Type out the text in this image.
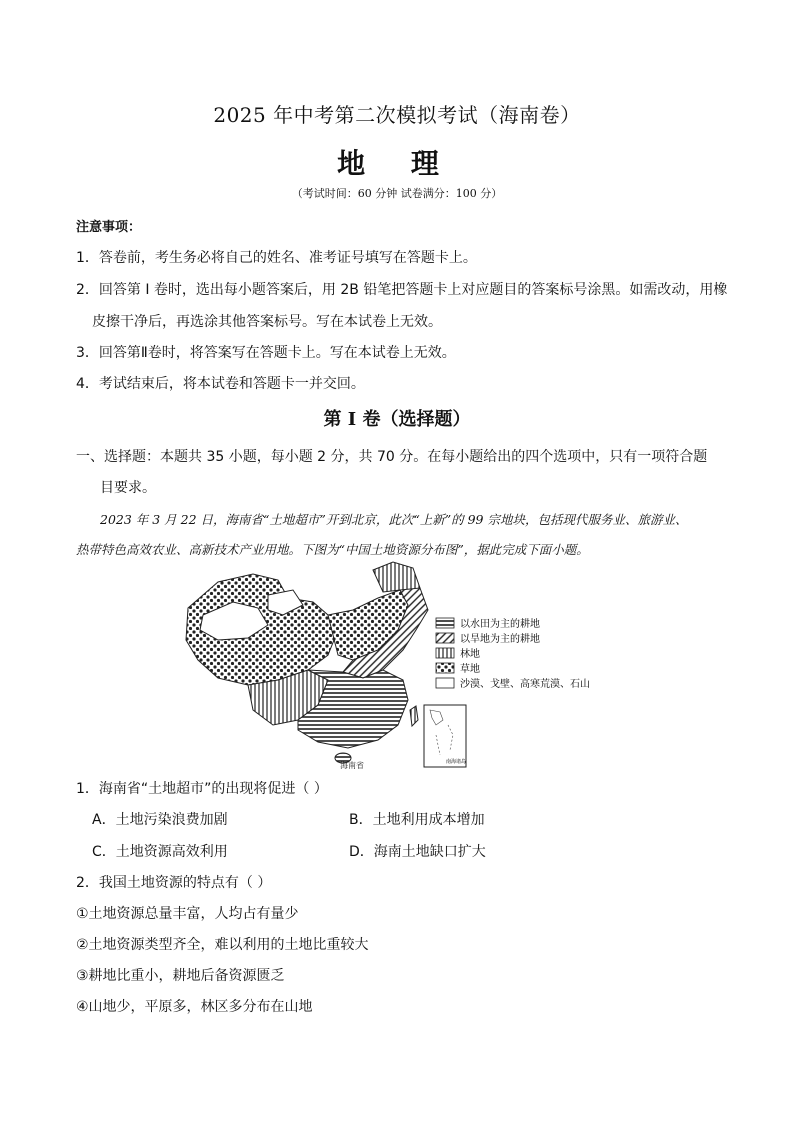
2025 年中考第二次模拟考试（海南卷）
地 理
（考试时间：60 分钟 试卷满分：100 分）
注意事项：
1．答卷前，考生务必将自己的姓名、准考证号填写在答题卡上。
2．回答第 I 卷时，选出每小题答案后，用 2B 铅笔把答题卡上对应题目的答案标号涂黑。如需改动，用橡
皮擦干净后，再选涂其他答案标号。写在本试卷上无效。
3．回答第Ⅱ卷时，将答案写在答题卡上。写在本试卷上无效。
4．考试结束后，将本试卷和答题卡一并交回。
第 I 卷（选择题）
一、选择题：本题共 35 小题，每小题 2 分，共 70 分。在每小题给出的四个选项中，只有一项符合题
目要求。
2023 年 3 月 22 日，海南省“土地超市”开到北京，此次“上新”的 99 宗地块，包括现代服务业、旅游业、
热带特色高效农业、高新技术产业用地。下图为“中国土地资源分布图”，据此完成下面小题。
海南省
以水田为主的耕地
以旱地为主的耕地
林地
草地
沙漠、戈壁、高寒荒漠、石山
南海诸岛
1．海南省“土地超市”的出现将促进（ ）
A．土地污染浪费加剧	B．土地利用成本增加
C．土地资源高效利用	D．海南土地缺口扩大
2．我国土地资源的特点有（ ）
①土地资源总量丰富，人均占有量少
②土地资源类型齐全，难以利用的土地比重较大
③耕地比重小，耕地后备资源匮乏
④山地少，平原多，林区多分布在山地
